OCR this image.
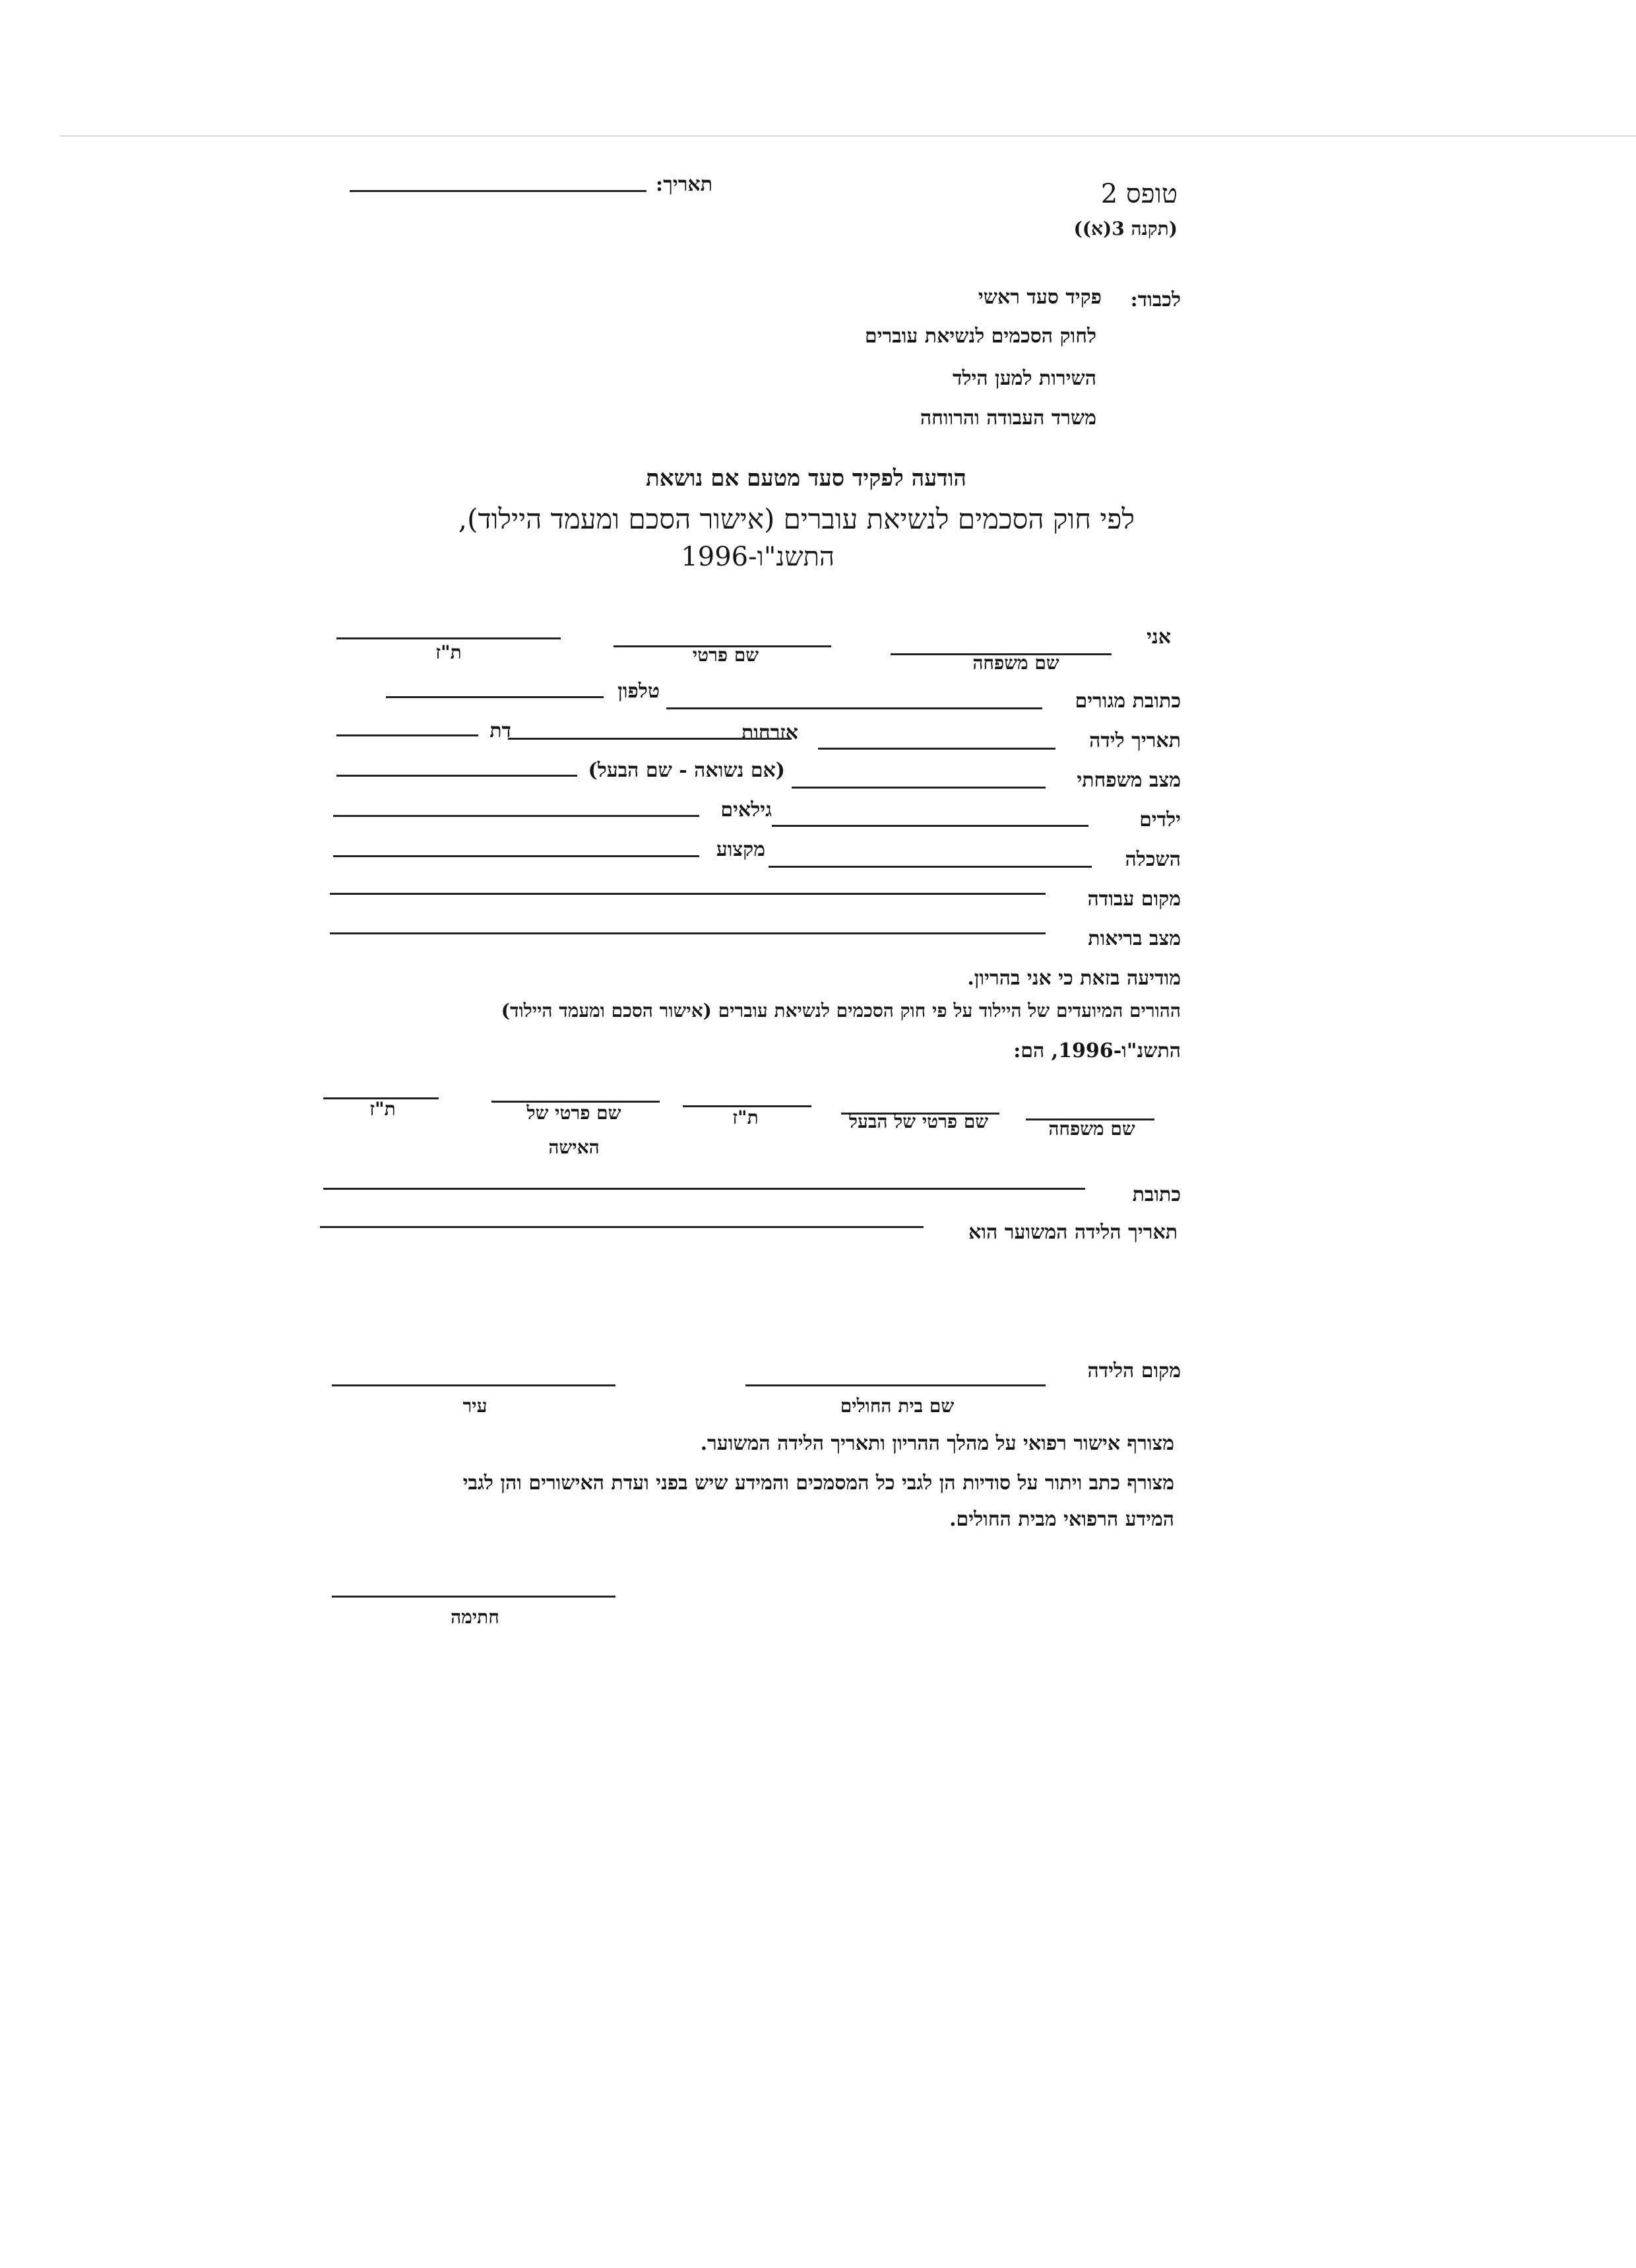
טופס 2
(תקנה 3(א))
תאריך:
לכבוד:
פקיד סעד ראשי
לחוק הסכמים לנשיאת עוברים
השירות למען הילד
משרד העבודה והרווחה
הודעה לפקיד סעד מטעם אם נושאת
לפי חוק הסכמים לנשיאת עוברים (אישור הסכם ומעמד היילוד),
התשנ"ו-1996
אני
שם משפחה
שם פרטי
ת"ז
כתובת מגורים
טלפון
תאריך לידה
אזרחות
דת
מצב משפחתי
(אם נשואה - שם הבעל)
ילדים
גילאים
השכלה
מקצוע
מקום עבודה
מצב בריאות
מודיעה בזאת כי אני בהריון.
ההורים המיועדים של היילוד על פי חוק הסכמים לנשיאת עוברים (אישור הסכם ומעמד היילוד)
התשנ"ו-1996, הם:
שם משפחה
שם פרטי של הבעל
ת"ז
שם פרטי של
האישה
ת"ז
כתובת
תאריך הלידה המשוער הוא
מקום הלידה
שם בית החולים
עיר
מצורף אישור רפואי על מהלך ההריון ותאריך הלידה המשוער.
מצורף כתב ויתור על סודיות הן לגבי כל המסמכים והמידע שיש בפני ועדת האישורים והן לגבי
המידע הרפואי מבית החולים.
חתימה
